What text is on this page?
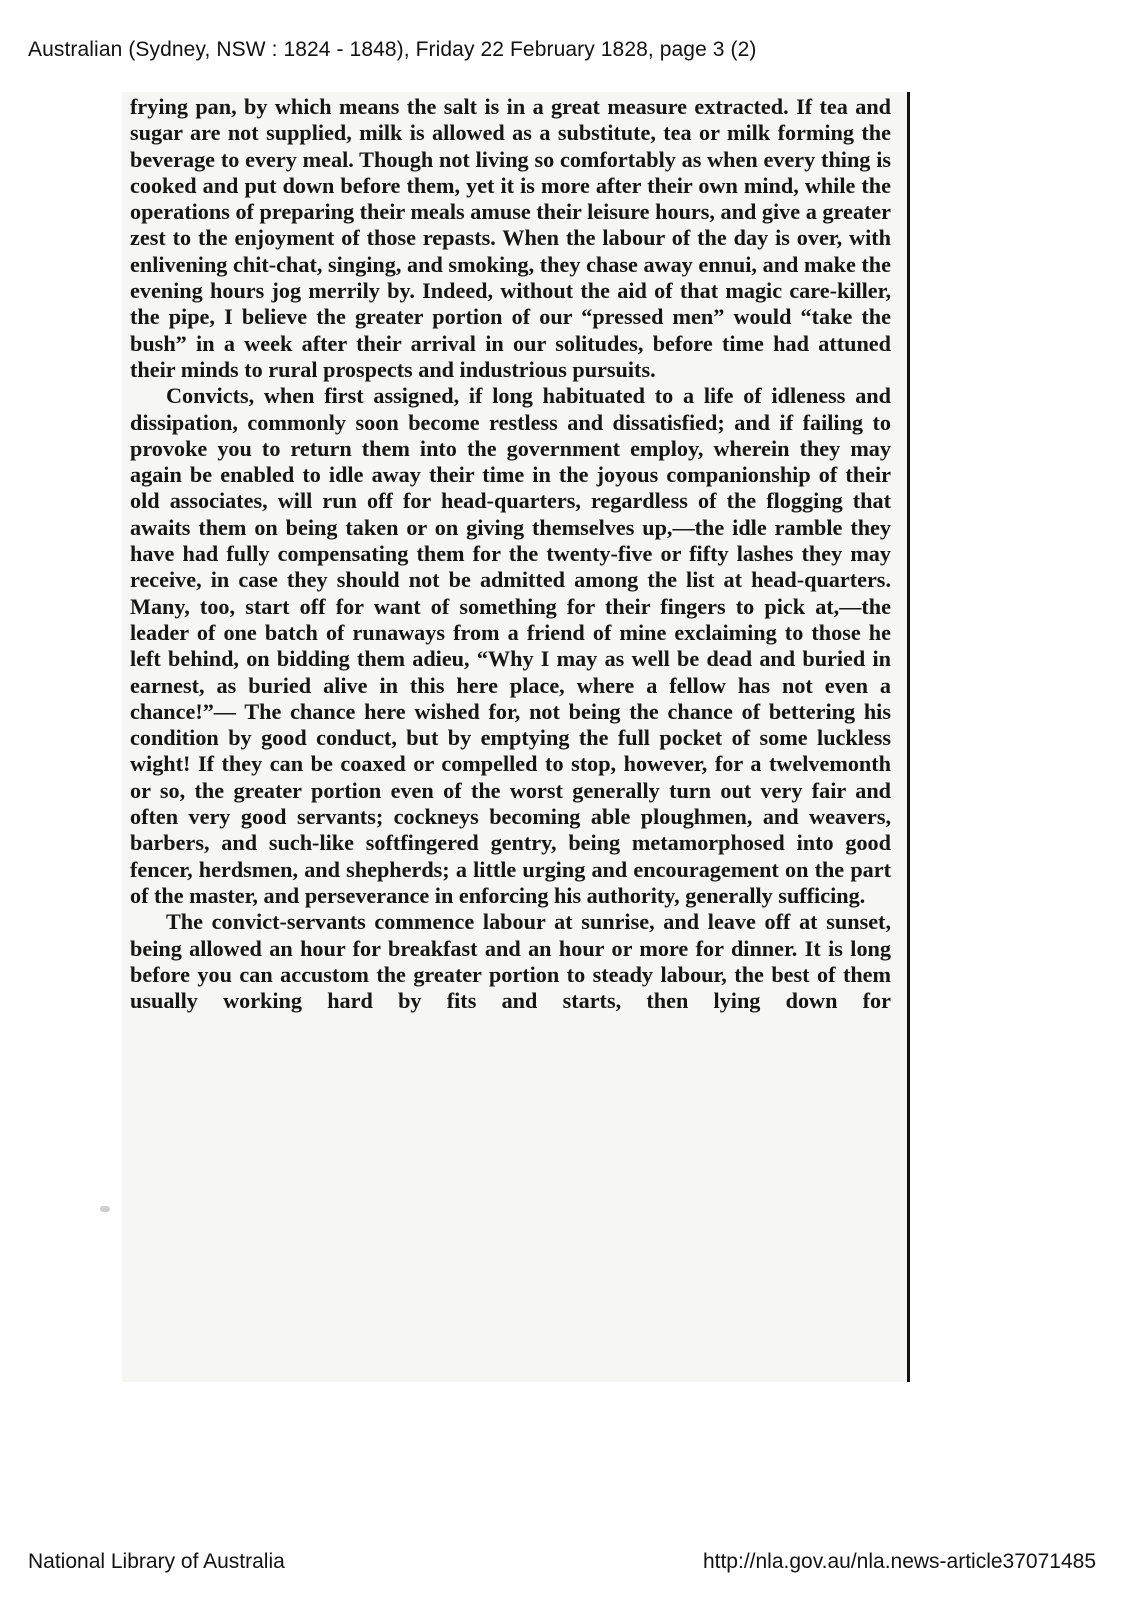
Australian (Sydney, NSW : 1824 - 1848), Friday 22 February 1828, page 3 (2)

frying pan, by which means the salt is in a great measure extracted. If tea and sugar are not supplied, milk is allowed as a substitute, tea or milk forming the beverage to every meal. Though not living so comfortably as when every thing is cooked and put down before them, yet it is more after their own mind, while the operations of preparing their meals amuse their leisure hours, and give a greater zest to the enjoyment of those repasts. When the labour of the day is over, with enlivening chit-chat, singing, and smoking, they chase away ennui, and make the evening hours jog merrily by. Indeed, without the aid of that magic care-killer, the pipe, I believe the greater portion of our “pressed men” would “take the bush” in a week after their arrival in our solitudes, before time had attuned their minds to rural prospects and industrious pursuits.

Convicts, when first assigned, if long habituated to a life of idleness and dissipation, commonly soon become restless and dissatisfied; and if failing to provoke you to return them into the government employ, wherein they may again be enabled to idle away their time in the joyous companionship of their old associates, will run off for head-quarters, regardless of the flogging that awaits them on being taken or on giving themselves up,—the idle ramble they have had fully compensating them for the twenty-five or fifty lashes they may receive, in case they should not be admitted among the list at head-quarters. Many, too, start off for want of something for their fingers to pick at,—the leader of one batch of runaways from a friend of mine exclaiming to those he left behind, on bidding them adieu, “Why I may as well be dead and buried in earnest, as buried alive in this here place, where a fellow has not even a chance!”— The chance here wished for, not being the chance of bettering his condition by good conduct, but by emptying the full pocket of some luckless wight! If they can be coaxed or compelled to stop, however, for a twelvemonth or so, the greater portion even of the worst generally turn out very fair and often very good servants; cockneys becoming able ploughmen, and weavers, barbers, and such-like softfingered gentry, being metamorphosed into good fencer, herdsmen, and shepherds; a little urging and encouragement on the part of the master, and perseverance in enforcing his authority, generally sufficing.

The convict-servants commence labour at sunrise, and leave off at sunset, being allowed an hour for breakfast and an hour or more for dinner. It is long before you can accustom the greater portion to steady labour, the best of them usually working hard by fits and starts, then lying down for

National Library of Australia	http://nla.gov.au/nla.news-article37071485
